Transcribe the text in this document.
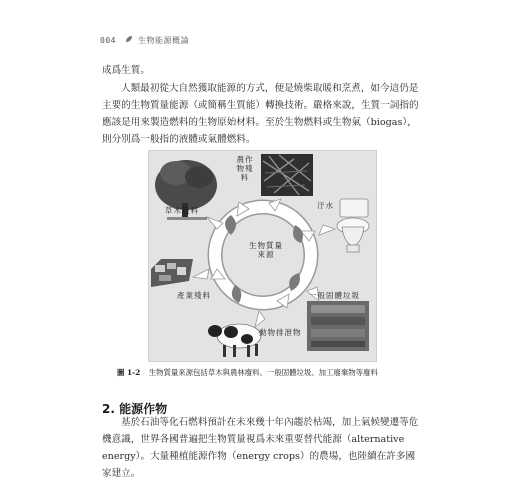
004	生物能源概論
成爲生質。
人類最初從大自然獲取能源的方式，便是燒柴取暖和烹煮，如今這仍是主要的生物質量能源（或簡稱生質能）轉換技術。嚴格來說，生質一詞指的應該是用來製造燃料的生物原始材料。至於生物燃料或生物氣（biogas），則分別爲一般指的液體或氣體燃料。
生物質量來源
農作物殘料
汙水
一般固體垃圾
動物排泄物
產業殘料
草木殘料
圖 1-2 生物質量來源包括草木與農林廢料、一般固體垃圾、加工廢棄物等廢料
2. 能源作物
基於石油等化石燃料預計在未來幾十年內趨於枯竭，加上氣候變遷等危機意識，世界各國普遍把生物質量視爲未來重要替代能源（alternative energy）。大量種植能源作物（energy crops）的農場，也陸續在許多國家建立。
